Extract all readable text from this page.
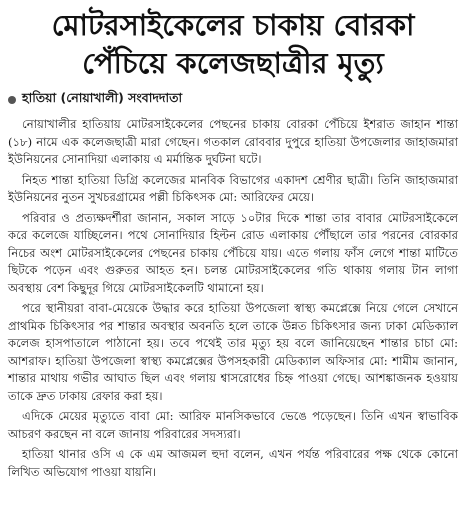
মোটরসাইকেলের চাকায় বোরকা
পেঁচিয়ে কলেজছাত্রীর মৃত্যু
হাতিয়া (নোয়াখালী) সংবাদদাতা

নোয়াখালীর হাতিয়ায় মোটরসাইকেলের পেছনের চাকায় বোরকা পেঁচিয়ে ইশরাত জাহান শান্তা (১৮) নামে এক কলেজছাত্রী মারা গেছেন। গতকাল রোববার দুপুরে হাতিয়া উপজেলার জাহাজমারা ইউনিয়নের সোনাদিয়া এলাকায় এ মর্মান্তিক দুর্ঘটনা ঘটে।

নিহত শান্তা হাতিয়া ডিগ্রি কলেজের মানবিক বিভাগের একাদশ শ্রেণীর ছাত্রী। তিনি জাহাজমারা ইউনিয়নের নুতন সুখচরগ্রামের পল্লী চিকিৎসক মো: আরিফের মেয়ে।

পরিবার ও প্রত্যক্ষদর্শীরা জানান, সকাল সাড়ে ১০টার দিকে শান্তা তার বাবার মোটরসাইকেলে করে কলেজে যাচ্ছিলেন। পথে সোনাদিয়ার হিল্টন রোড এলাকায় পৌঁছালে তার পরনের বোরকার নিচের অংশ মোটরসাইকেলের পেছনের চাকায় পেঁচিয়ে যায়। এতে গলায় ফাঁস লেগে শান্তা মাটিতে ছিটকে পড়েন এবং গুরুতর আহত হন। চলন্ত মোটরসাইকেলের গতি থাকায় গলায় টান লাগা অবস্থায় বেশ কিছুদূর গিয়ে মোটরসাইকেলটি থামানো হয়।

পরে স্থানীয়রা বাবা-মেয়েকে উদ্ধার করে হাতিয়া উপজেলা স্বাস্থ্য কমপ্লেক্সে নিয়ে গেলে সেখানে প্রাথমিক চিকিৎসার পর শান্তার অবস্থার অবনতি হলে তাকে উন্নত চিকিৎসার জন্য ঢাকা মেডিক্যাল কলেজ হাসপাতালে পাঠানো হয়। তবে পথেই তার মৃত্যু হয় বলে জানিয়েছেন শান্তার চাচা মো: আশরাফ। হাতিয়া উপজেলা স্বাস্থ্য কমপ্লেক্সের উপসহকারী মেডিক্যাল অফিসার মো: শামীম জানান, শান্তার মাথায় গভীর আঘাত ছিল এবং গলায় শ্বাসরোধের চিহ্ন পাওয়া গেছে। আশঙ্কাজনক হওয়ায় তাকে দ্রুত ঢাকায় রেফার করা হয়।

এদিকে মেয়ের মৃত্যুতে বাবা মো: আরিফ মানসিকভাবে ভেঙে পড়েছেন। তিনি এখন স্বাভাবিক আচরণ করছেন না বলে জানায় পরিবারের সদস্যরা।

হাতিয়া থানার ওসি এ কে এম আজমল হুদা বলেন, এখন পর্যন্ত পরিবারের পক্ষ থেকে কোনো লিখিত অভিযোগ পাওয়া যায়নি।
